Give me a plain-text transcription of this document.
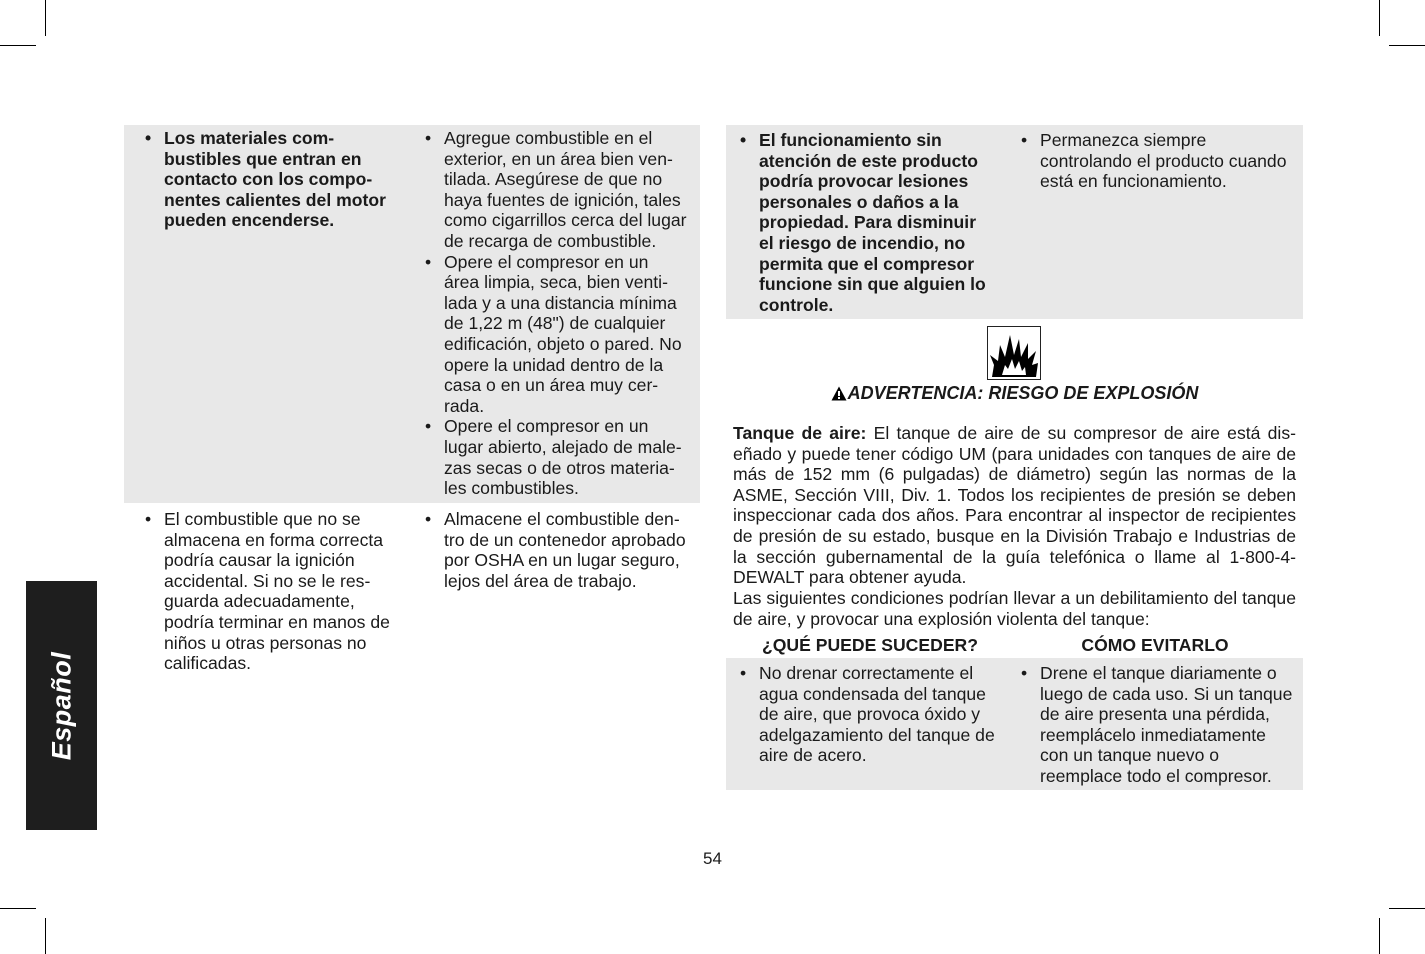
Español
• Los materiales com-
bustibles que entran en
contacto con los compo-
nentes calientes del motor
pueden encenderse.
• Agregue combustible en el
exterior, en un área bien ven-
tilada. Asegúrese de que no
haya fuentes de ignición, tales
como cigarrillos cerca del lugar
de recarga de combustible.
• Opere el compresor en un
área limpia, seca, bien venti-
lada y a una distancia mínima
de 1,22 m (48") de cualquier
edificación, objeto o pared. No
opere la unidad dentro de la
casa o en un área muy cer-
rada.
• Opere el compresor en un
lugar abierto, alejado de male-
zas secas o de otros materia-
les combustibles.
• El combustible que no se
almacena en forma correcta
podría causar la ignición
accidental. Si no se le res-
guarda adecuadamente,
podría terminar en manos de
niños u otras personas no
calificadas.
• Almacene el combustible den-
tro de un contenedor aprobado
por OSHA en un lugar seguro,
lejos del área de trabajo.
• El funcionamiento sin
atención de este producto
podría provocar lesiones
personales o daños a la
propiedad. Para disminuir
el riesgo de incendio, no
permita que el compresor
funcione sin que alguien lo
controle.
• Permanezca siempre
controlando el producto cuando
está en funcionamiento.
ADVERTENCIA: RIESGO DE EXPLOSIÓN

Tanque de aire: El tanque de aire de su compresor de aire está dis- eñado y puede tener código UM (para unidades con tanques de aire de más de 152 mm (6 pulgadas) de diámetro) según las normas de la ASME, Sección VIII, Div. 1. Todos los recipientes de presión se deben inspeccionar cada dos años. Para encontrar al inspector de recipientes de presión de su estado, busque en la División Trabajo e Industrias de la sección gubernamental de la guía telefónica o llame al 1-800-4- DEWALT para obtener ayuda.

Las siguientes condiciones podrían llevar a un debilitamiento del tanque de aire, y provocar una explosión violenta del tanque:

¿QUÉ PUEDE SUCEDER?	CÓMO EVITARLO
• No drenar correctamente el
agua condensada del tanque
de aire, que provoca óxido y
adelgazamiento del tanque de
aire de acero.
• Drene el tanque diariamente o
luego de cada uso. Si un tanque
de aire presenta una pérdida,
reemplácelo inmediatamente
con un tanque nuevo o
reemplace todo el compresor.
54
